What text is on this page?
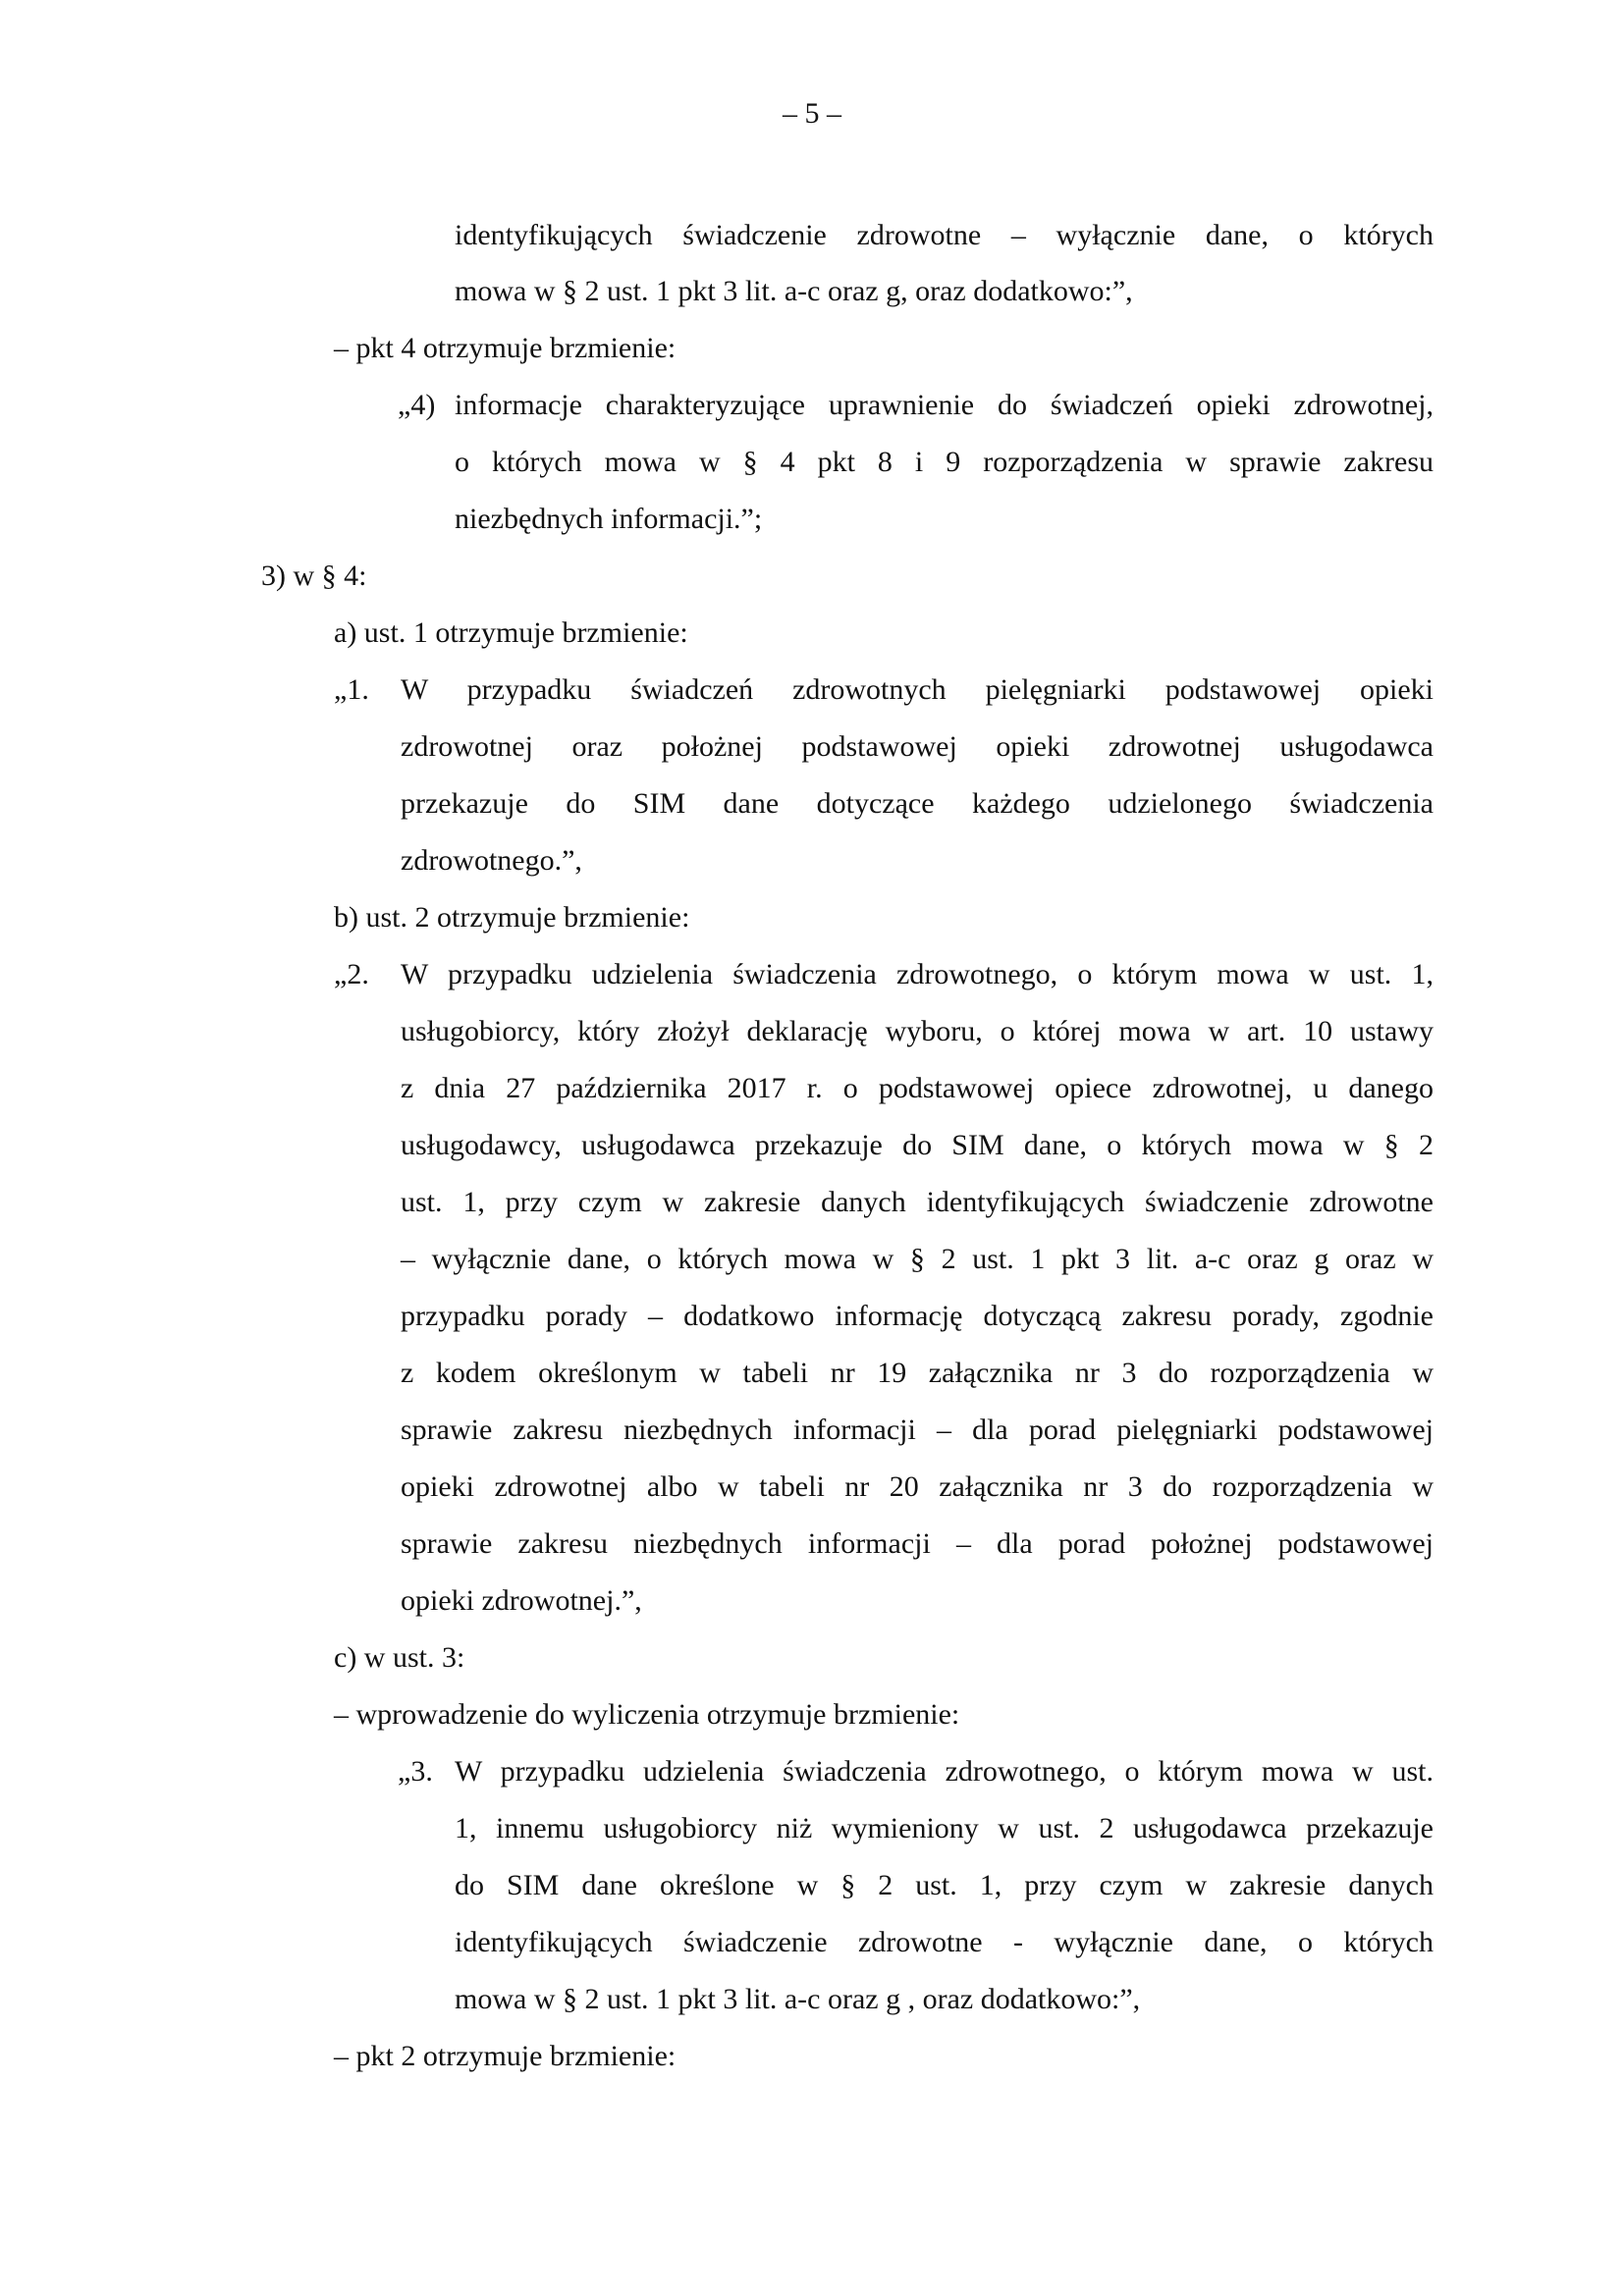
– 5 –
identyfikujących świadczenie zdrowotne – wyłącznie dane, o których
mowa w § 2 ust. 1 pkt 3 lit. a-c oraz g, oraz dodatkowo:”,
– pkt 4 otrzymuje brzmienie:
„4) informacje charakteryzujące uprawnienie do świadczeń opieki zdrowotnej,
o których mowa w § 4 pkt 8 i 9 rozporządzenia w sprawie zakresu
niezbędnych informacji.”;
3) w § 4:
a) ust. 1 otrzymuje brzmienie:
„1. W przypadku świadczeń zdrowotnych pielęgniarki podstawowej opieki
zdrowotnej oraz położnej podstawowej opieki zdrowotnej usługodawca
przekazuje do SIM dane dotyczące każdego udzielonego świadczenia
zdrowotnego.”,
b) ust. 2 otrzymuje brzmienie:
„2. W przypadku udzielenia świadczenia zdrowotnego, o którym mowa w ust. 1,
usługobiorcy, który złożył deklarację wyboru, o której mowa w art. 10 ustawy
z dnia 27 października 2017 r. o podstawowej opiece zdrowotnej, u danego
usługodawcy, usługodawca przekazuje do SIM dane, o których mowa w § 2
ust. 1, przy czym w zakresie danych identyfikujących świadczenie zdrowotne
– wyłącznie dane, o których mowa w § 2 ust. 1 pkt 3 lit. a-c oraz g oraz w
przypadku porady – dodatkowo informację dotyczącą zakresu porady, zgodnie
z kodem określonym w tabeli nr 19 załącznika nr 3 do rozporządzenia w
sprawie zakresu niezbędnych informacji – dla porad pielęgniarki podstawowej
opieki zdrowotnej albo w tabeli nr 20 załącznika nr 3 do rozporządzenia w
sprawie zakresu niezbędnych informacji – dla porad położnej podstawowej
opieki zdrowotnej.”,
c) w ust. 3:
– wprowadzenie do wyliczenia otrzymuje brzmienie:
„3. W przypadku udzielenia świadczenia zdrowotnego, o którym mowa w ust.
1, innemu usługobiorcy niż wymieniony w ust. 2 usługodawca przekazuje
do SIM dane określone w § 2 ust. 1, przy czym w zakresie danych
identyfikujących świadczenie zdrowotne - wyłącznie dane, o których
mowa w § 2 ust. 1 pkt 3 lit. a-c oraz g , oraz dodatkowo:”,
– pkt 2 otrzymuje brzmienie:
